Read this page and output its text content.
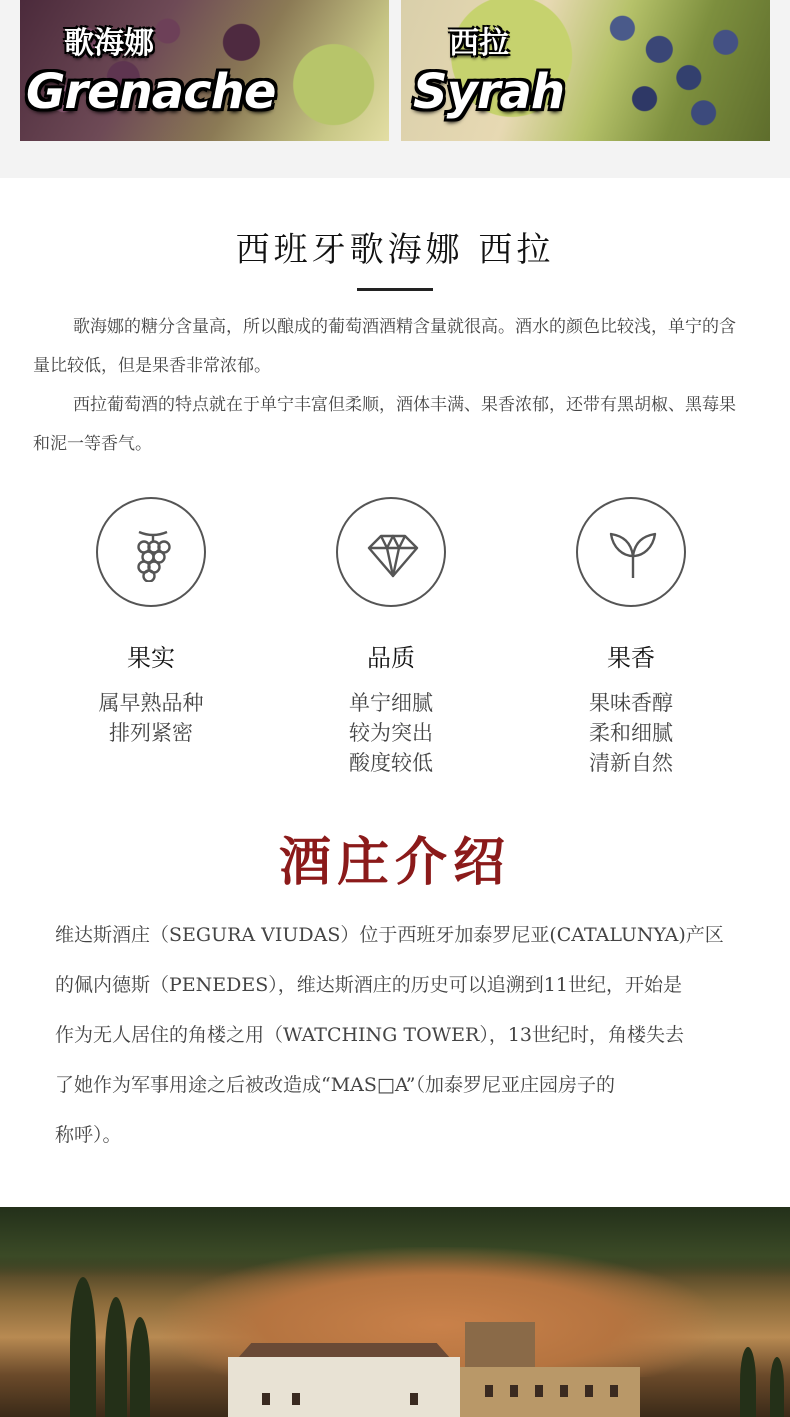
歌海娜
Grenache
西拉
Syrah
西班牙歌海娜 西拉

歌海娜的糖分含量高，所以酿成的葡萄酒酒精含量就很高。酒水的颜色比较浅，单宁的含量比较低，但是果香非常浓郁。

西拉葡萄酒的特点就在于单宁丰富但柔顺，酒体丰满、果香浓郁，还带有黑胡椒、黑莓果和泥一等香气。

果实
属早熟品种
排列紧密
品质
单宁细腻
较为突出
酸度较低
果香
果味香醇
柔和细腻
清新自然
酒庄介绍
维达斯酒庄（SEGURA VIUDAS）位于西班牙加泰罗尼亚(CATALUNYA)产区
的佩内德斯（PENEDES），维达斯酒庄的历史可以追溯到11世纪，开始是
作为无人居住的角楼之用（WATCHING TOWER），13世纪时，角楼失去
了她作为军事用途之后被改造成“MAS□A”（加泰罗尼亚庄园房子的
称呼）。
